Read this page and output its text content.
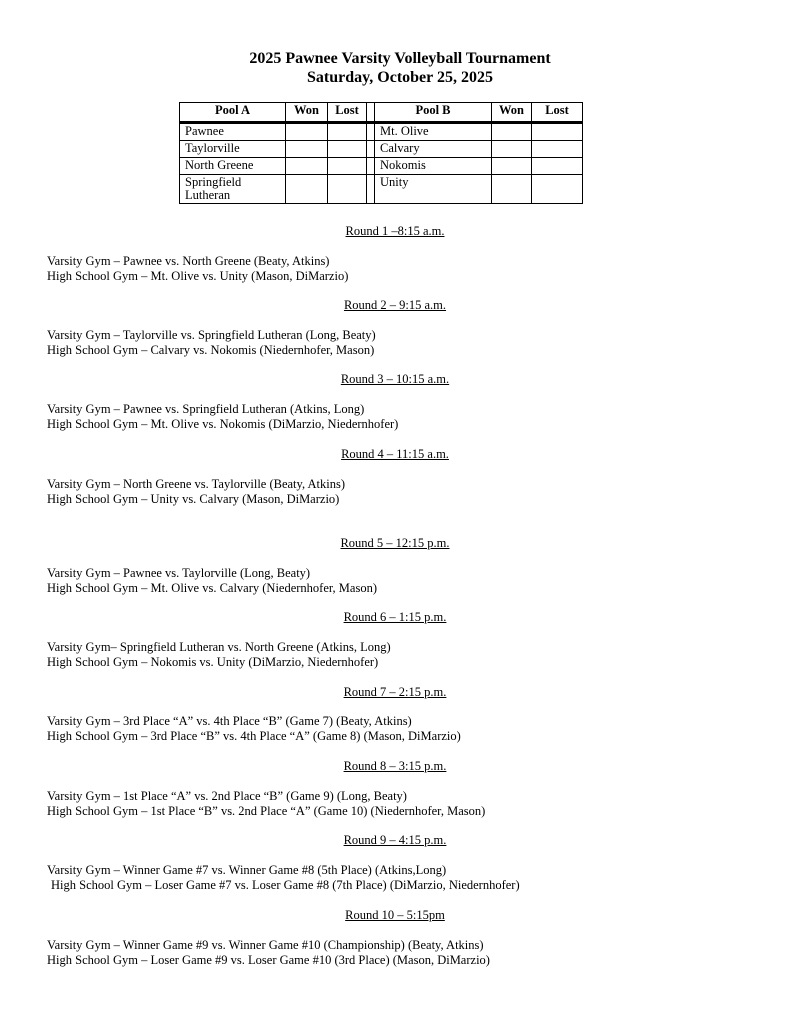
2025 Pawnee Varsity Volleyball Tournament
Saturday, October 25, 2025
Pool A	Won	Lost		Pool B	Won	Lost
Pawnee				Mt. Olive		
Taylorville				Calvary		
North Greene				Nokomis		
Springfield Lutheran				Unity		
Round 1 –8:15 a.m.
Varsity Gym – Pawnee vs. North Greene (Beaty, Atkins)
High School Gym – Mt. Olive vs. Unity (Mason, DiMarzio)
Round 2 – 9:15 a.m.
Varsity Gym – Taylorville vs. Springfield Lutheran (Long, Beaty)
High School Gym – Calvary vs. Nokomis (Niedernhofer, Mason)
Round 3 – 10:15 a.m.
Varsity Gym – Pawnee vs. Springfield Lutheran (Atkins, Long)
High School Gym – Mt. Olive vs. Nokomis (DiMarzio, Niedernhofer)
Round 4 – 11:15 a.m.
Varsity Gym – North Greene vs. Taylorville (Beaty, Atkins)
High School Gym – Unity vs. Calvary (Mason, DiMarzio)
Round 5 – 12:15 p.m.
Varsity Gym – Pawnee vs. Taylorville (Long, Beaty)
High School Gym – Mt. Olive vs. Calvary (Niedernhofer, Mason)
Round 6 – 1:15 p.m.
Varsity Gym– Springfield Lutheran vs. North Greene (Atkins, Long)
High School Gym – Nokomis vs. Unity (DiMarzio, Niedernhofer)
Round 7 – 2:15 p.m.
Varsity Gym – 3rd Place “A” vs. 4th Place “B” (Game 7) (Beaty, Atkins)
High School Gym – 3rd Place “B” vs. 4th Place “A” (Game 8) (Mason, DiMarzio)
Round 8 – 3:15 p.m.
Varsity Gym – 1st Place “A” vs. 2nd Place “B” (Game 9) (Long, Beaty)
High School Gym – 1st Place “B” vs. 2nd Place “A” (Game 10) (Niedernhofer, Mason)
Round 9 – 4:15 p.m.
Varsity Gym – Winner Game #7 vs. Winner Game #8 (5th Place) (Atkins,Long)
High School Gym – Loser Game #7 vs. Loser Game #8 (7th Place) (DiMarzio, Niedernhofer)
Round 10 – 5:15pm
Varsity Gym – Winner Game #9 vs. Winner Game #10 (Championship) (Beaty, Atkins)
High School Gym – Loser Game #9 vs. Loser Game #10 (3rd Place) (Mason, DiMarzio)
